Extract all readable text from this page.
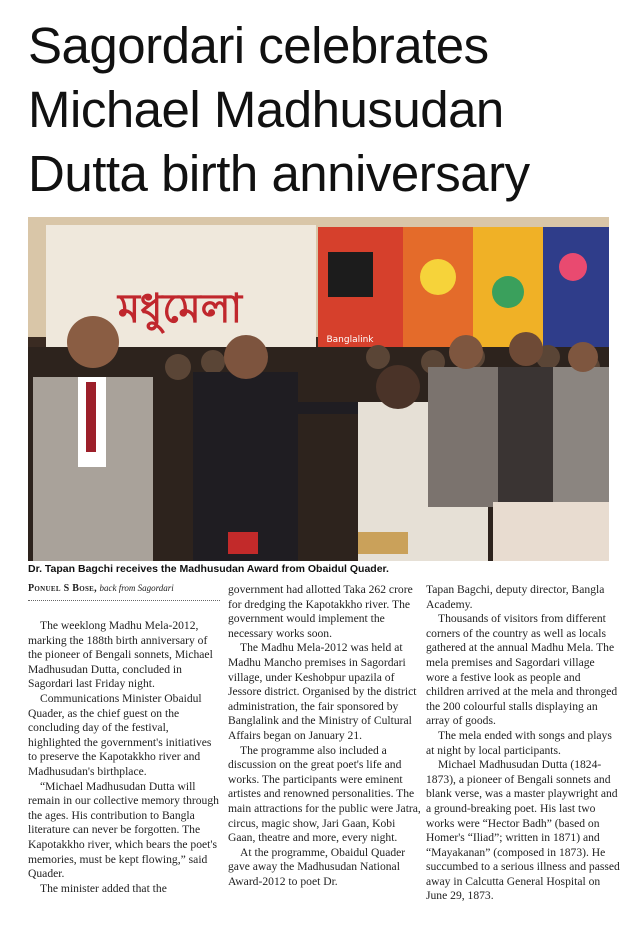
Sagordari celebrates
Michael Madhusudan
Dutta birth anniversary
মধুমেলা
Banglalink
Dr. Tapan Bagchi receives the Madhusudan Award from Obaidul Quader.
Ponuel S Bose, back from Sagordari

The weeklong Madhu Mela-2012, marking the 188th birth anniversary of the pioneer of Bengali sonnets, Michael Madhusudan Dutta, concluded in Sagordari last Friday night.

Communications Minister Obaidul Quader, as the chief guest on the concluding day of the festival, highlighted the government's initiatives to preserve the Kapotakkho river and Madhusudan's birthplace.

“Michael Madhusudan Dutta will remain in our collective memory through the ages. His contribution to Bangla literature can never be forgotten. The Kapotakkho river, which bears the poet's memories, must be kept flowing,” said Quader.

The minister added that the

government had allotted Taka 262 crore for dredging the Kapotakkho river. The government would implement the necessary works soon.

The Madhu Mela-2012 was held at Madhu Mancho premises in Sagordari village, under Keshobpur upazila of Jessore district. Organised by the district administration, the fair sponsored by Banglalink and the Ministry of Cultural Affairs began on January 21.

The programme also included a discussion on the great poet's life and works. The participants were eminent artistes and renowned personalities. The main attractions for the public were Jatra, circus, magic show, Jari Gaan, Kobi Gaan, theatre and more, every night.

At the programme, Obaidul Quader gave away the Madhusudan National Award-2012 to poet Dr.

Tapan Bagchi, deputy director, Bangla Academy.

Thousands of visitors from different corners of the country as well as locals gathered at the annual Madhu Mela. The mela premises and Sagordari village wore a festive look as people and children arrived at the mela and thronged the 200 colourful stalls displaying an array of goods.

The mela ended with songs and plays at night by local participants.

Michael Madhusudan Dutta (1824-1873), a pioneer of Bengali sonnets and blank verse, was a master playwright and a ground-breaking poet. His last two works were “Hector Badh” (based on Homer's “Iliad”; written in 1871) and “Mayakanan” (composed in 1873). He succumbed to a serious illness and passed away in Calcutta General Hospital on June 29, 1873.
